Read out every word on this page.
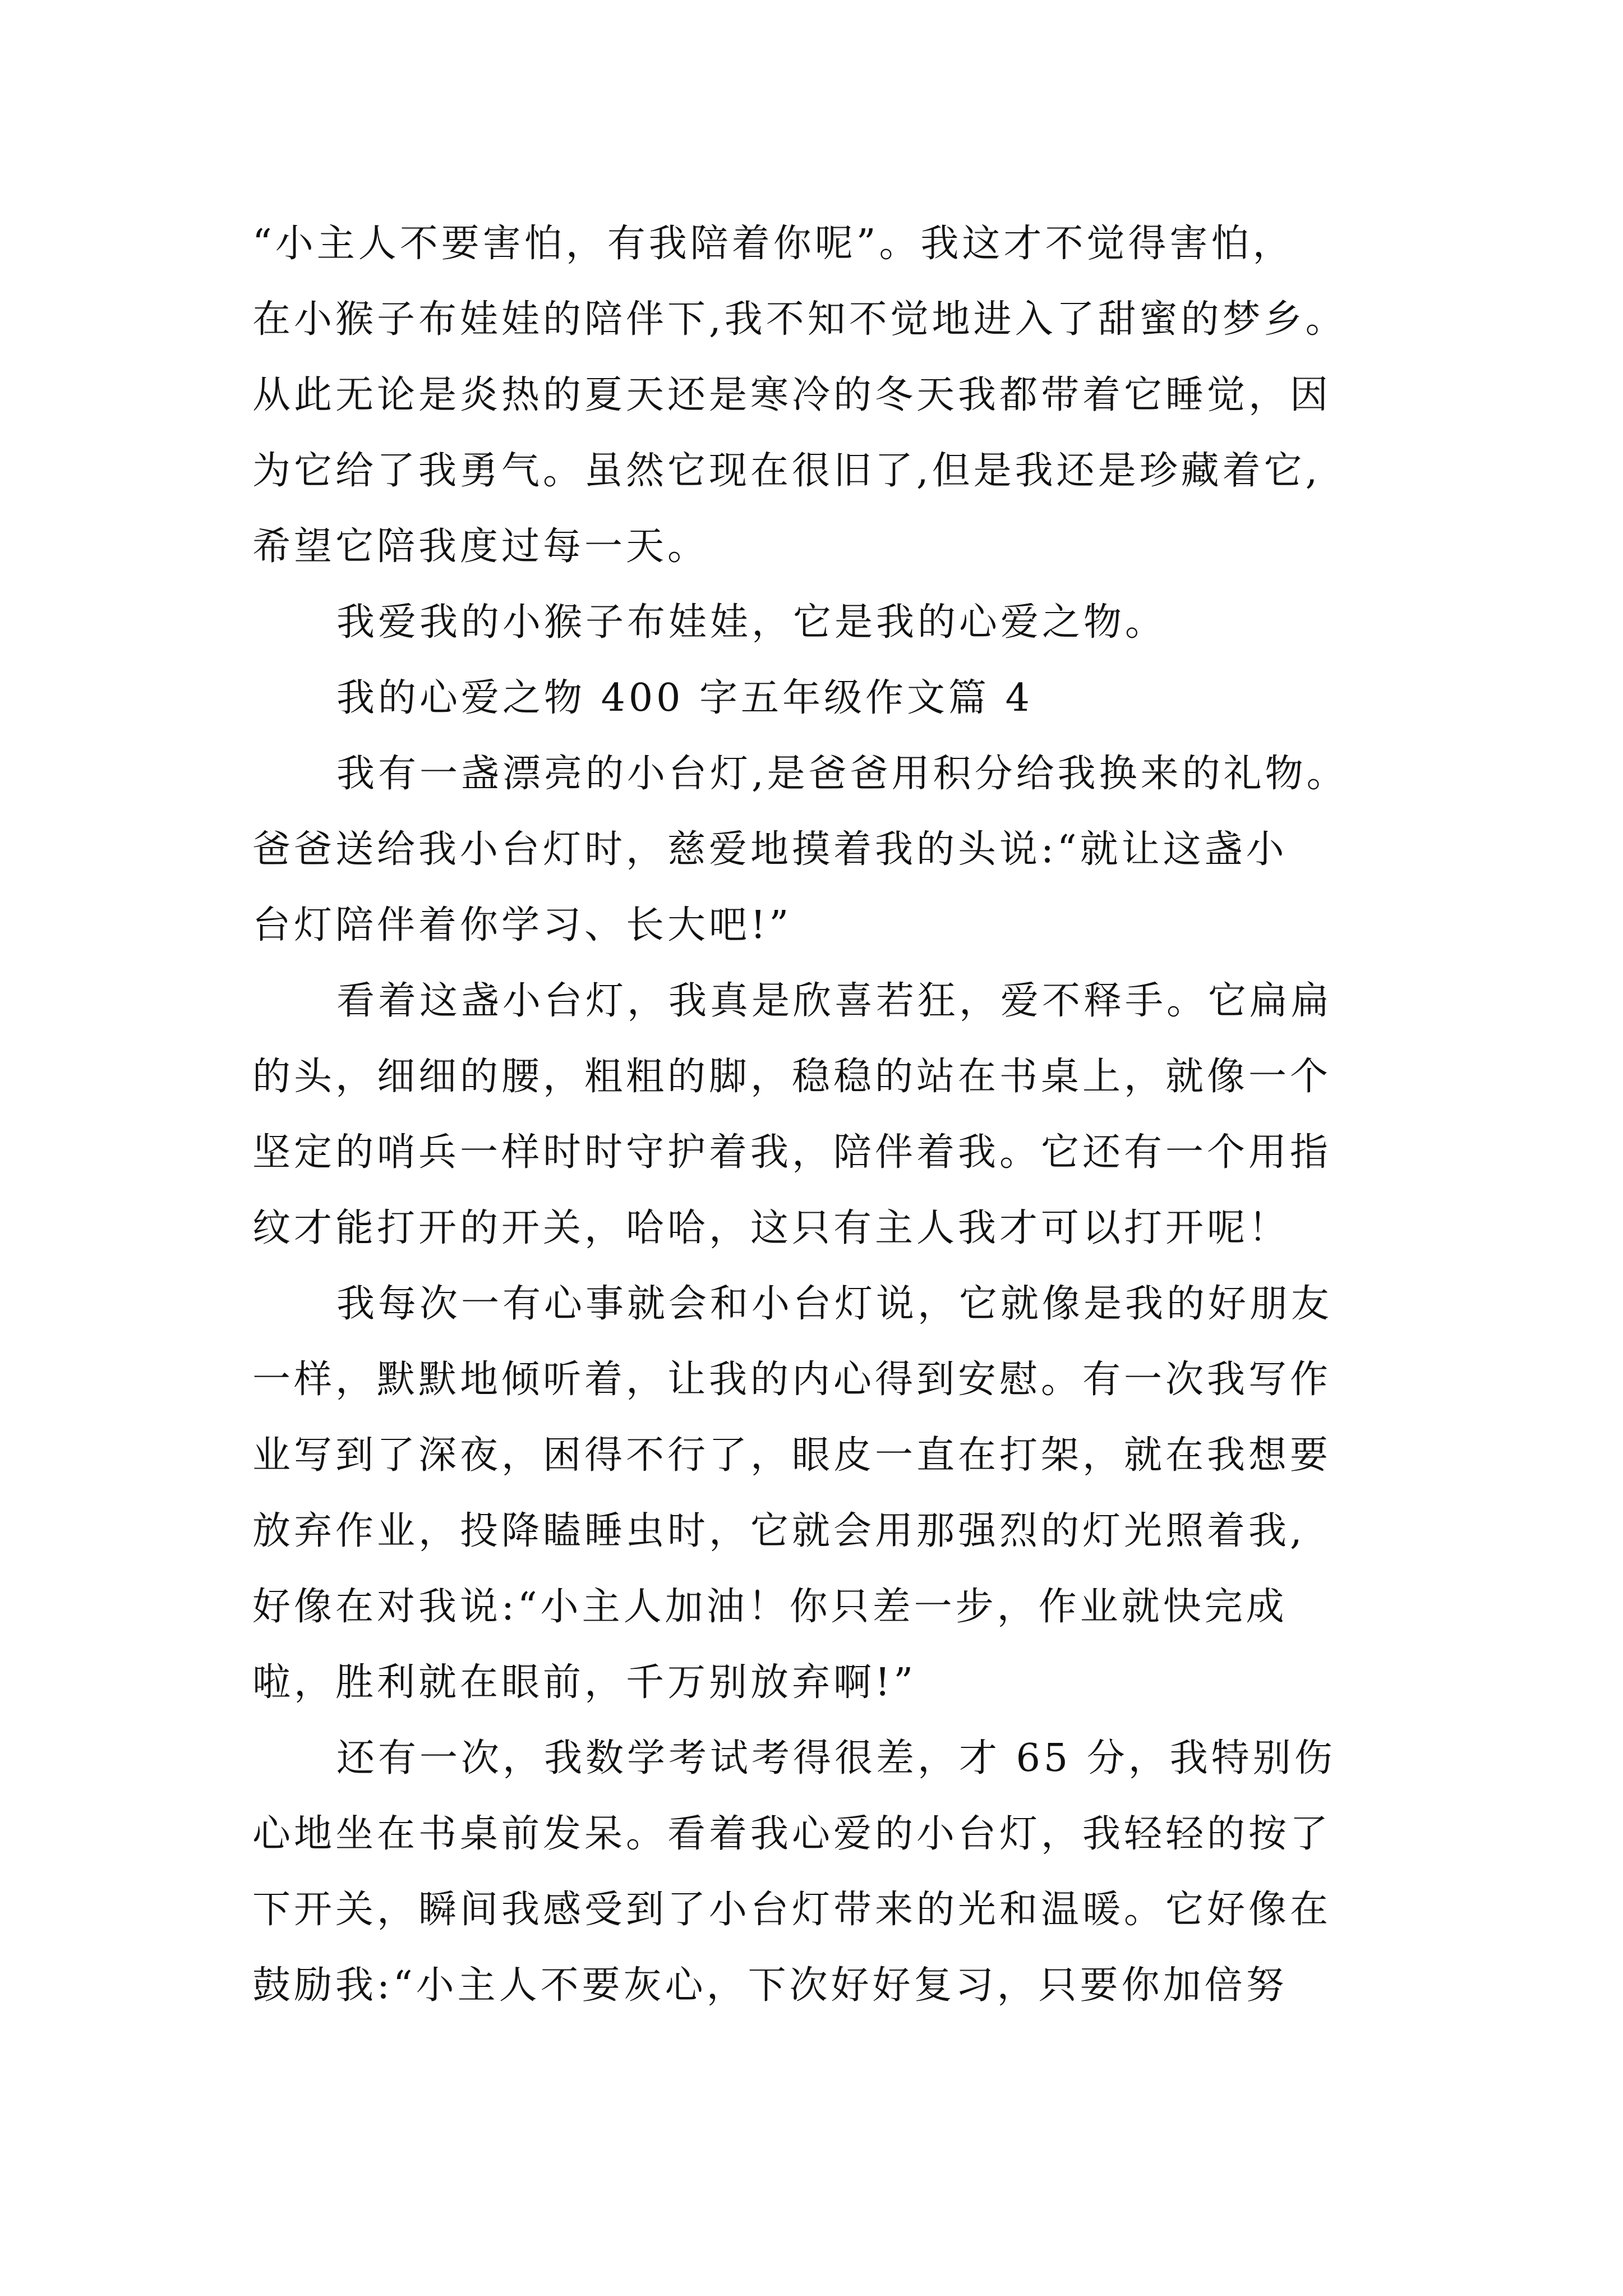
“小主人不要害怕，有我陪着你呢”。我这才不觉得害怕，
在小猴子布娃娃的陪伴下,我不知不觉地进入了甜蜜的梦乡。
从此无论是炎热的夏天还是寒冷的冬天我都带着它睡觉，因
为它给了我勇气。虽然它现在很旧了,但是我还是珍藏着它,
希望它陪我度过每一天。
我爱我的小猴子布娃娃，它是我的心爱之物。
我的心爱之物 400 字五年级作文篇 4
我有一盏漂亮的小台灯,是爸爸用积分给我换来的礼物。
爸爸送给我小台灯时，慈爱地摸着我的头说:“就让这盏小
台灯陪伴着你学习、长大吧!”
看着这盏小台灯，我真是欣喜若狂，爱不释手。它扁扁
的头，细细的腰，粗粗的脚，稳稳的站在书桌上，就像一个
坚定的哨兵一样时时守护着我，陪伴着我。它还有一个用指
纹才能打开的开关，哈哈，这只有主人我才可以打开呢！
我每次一有心事就会和小台灯说，它就像是我的好朋友
一样，默默地倾听着，让我的内心得到安慰。有一次我写作
业写到了深夜，困得不行了，眼皮一直在打架，就在我想要
放弃作业，投降瞌睡虫时，它就会用那强烈的灯光照着我,
好像在对我说:“小主人加油！你只差一步，作业就快完成
啦，胜利就在眼前，千万别放弃啊!”
还有一次，我数学考试考得很差，才 65 分，我特别伤
心地坐在书桌前发呆。看着我心爱的小台灯，我轻轻的按了
下开关，瞬间我感受到了小台灯带来的光和温暖。它好像在
鼓励我:“小主人不要灰心，下次好好复习，只要你加倍努
